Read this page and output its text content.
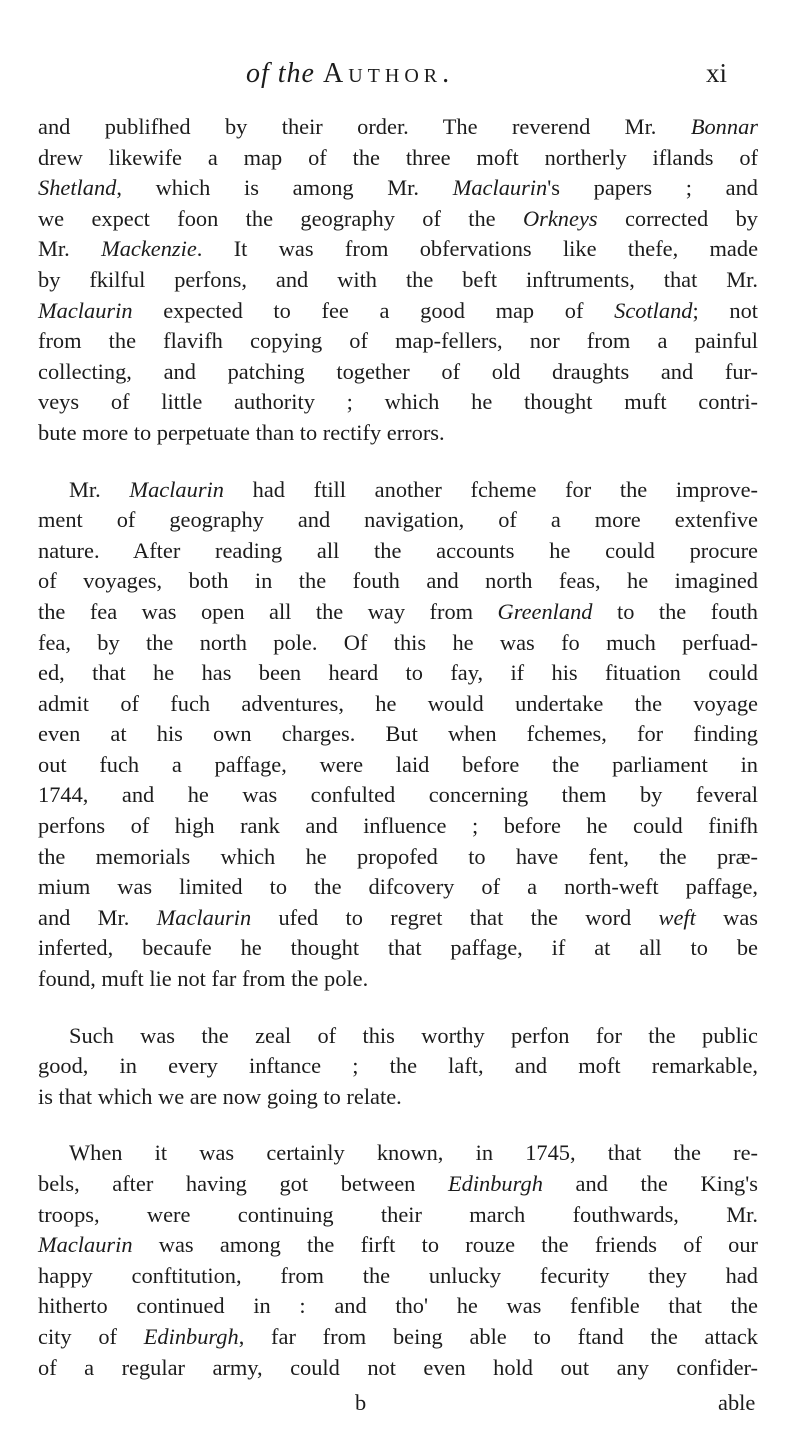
of the Author.	xi
and publifhed by their order. The reverend Mr. Bonnar
drew likewife a map of the three moft northerly iflands of
Shetland, which is among Mr. Maclaurin's papers ; and
we expect foon the geography of the Orkneys corrected by
Mr. Mackenzie. It was from obfervations like thefe, made
by fkilful perfons, and with the beft inftruments, that Mr.
Maclaurin expected to fee a good map of Scotland; not
from the flavifh copying of map-fellers, nor from a painful
collecting, and patching together of old draughts and fur-
veys of little authority ; which he thought muft contri-
bute more to perpetuate than to rectify errors.
Mr. Maclaurin had ftill another fcheme for the improve-
ment of geography and navigation, of a more extenfive
nature. After reading all the accounts he could procure
of voyages, both in the fouth and north feas, he imagined
the fea was open all the way from Greenland to the fouth
fea, by the north pole. Of this he was fo much perfuad-
ed, that he has been heard to fay, if his fituation could
admit of fuch adventures, he would undertake the voyage
even at his own charges. But when fchemes, for finding
out fuch a paffage, were laid before the parliament in
1744, and he was confulted concerning them by feveral
perfons of high rank and influence ; before he could finifh
the memorials which he propofed to have fent, the præ-
mium was limited to the difcovery of a north-weft paffage,
and Mr. Maclaurin ufed to regret that the word weft was
inferted, becaufe he thought that paffage, if at all to be
found, muft lie not far from the pole.
Such was the zeal of this worthy perfon for the public
good, in every inftance ; the laft, and moft remarkable,
is that which we are now going to relate.
When it was certainly known, in 1745, that the re-
bels, after having got between Edinburgh and the King's
troops, were continuing their march fouthwards, Mr.
Maclaurin was among the firft to rouze the friends of our
happy conftitution, from the unlucky fecurity they had
hitherto continued in : and tho' he was fenfible that the
city of Edinburgh, far from being able to ftand the attack
of a regular army, could not even hold out any confider-
b	able
